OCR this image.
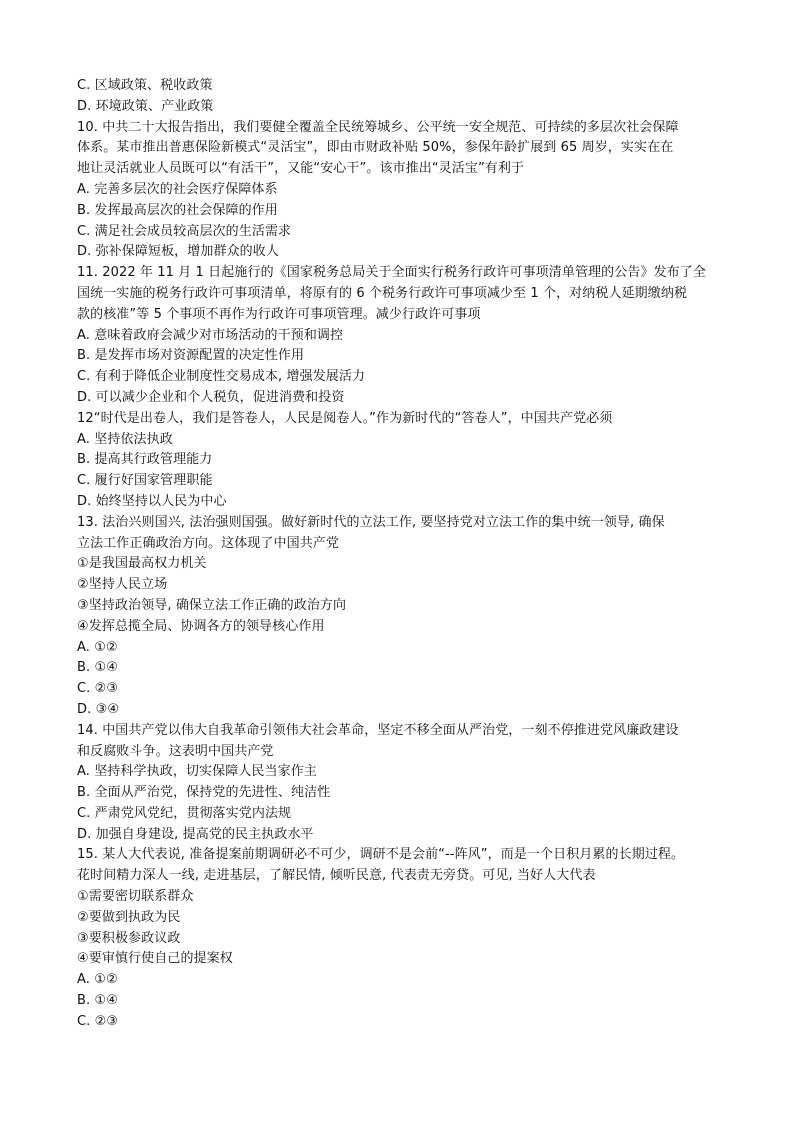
C. 区域政策、税收政策
D. 环境政策、产业政策
10. 中共二十大报告指出，我们要健全覆盖全民统筹城乡、公平统一安全规范、可持续的多层次社会保障
体系。某市推出普惠保险新模式“灵活宝”，即由市财政补贴 50%，参保年龄扩展到 65 周岁，实实在在
地让灵活就业人员既可以“有活干”，又能“安心干”。该市推出“灵活宝”有利于
A. 完善多层次的社会医疗保障体系
B. 发挥最高层次的社会保障的作用
C. 满足社会成员较高层次的生活需求
D. 弥补保障短板，增加群众的收人
11. 2022 年 11 月 1 日起施行的《国家税务总局关于全面实行税务行政许可事项清单管理的公告》发布了全
国统一实施的税务行政许可事项清单，将原有的 6 个税务行政许可事项减少至 1 个，对纳税人延期缴纳税
款的核准”等 5 个事项不再作为行政许可事项管理。减少行政许可事项
A. 意味着政府会减少对市场活动的干预和调控
B. 是发挥市场对资源配置的决定性作用
C. 有利于降低企业制度性交易成本, 增强发展活力
D. 可以减少企业和个人税负，促进消费和投资
12“时代是出卷人，我们是答卷人，人民是阅卷人。”作为新时代的“答卷人”，中国共产党必须
A. 坚持依法执政
B. 提高其行政管理能力
C. 履行好国家管理职能
D. 始终坚持以人民为中心
13. 法治兴则国兴, 法治强则国强。做好新时代的立法工作, 要坚持党对立法工作的集中统一领导, 确保
立法工作正确政治方向。这体现了中国共产党
①是我国最高权力机关
②坚持人民立场
③坚持政治领导, 确保立法工作正确的政治方向
④发挥总揽全局、协调各方的领导核心作用
A. ①②
B. ①④
C. ②③
D. ③④
14. 中国共产党以伟大自我革命引领伟大社会革命，坚定不移全面从严治党，一刻不停推进党风廉政建设
和反腐败斗争。这表明中国共产党
A. 坚持科学执政，切实保障人民当家作主
B. 全面从严治党，保持党的先进性、纯洁性
C. 严肃党风党纪，贯彻落实党内法规
D. 加强自身建设, 提高党的民主执政水平
15. 某人大代表说, 准备提案前期调研必不可少，调研不是会前“--阵风”，而是一个日积月累的长期过程。
花时间精力深人一线, 走进基层，了解民情, 倾听民意, 代表责无旁贷。可见, 当好人大代表
①需要密切联系群众
②要做到执政为民
③要积极参政议政
④要审慎行使自己的提案权
A. ①②
B. ①④
C. ②③
